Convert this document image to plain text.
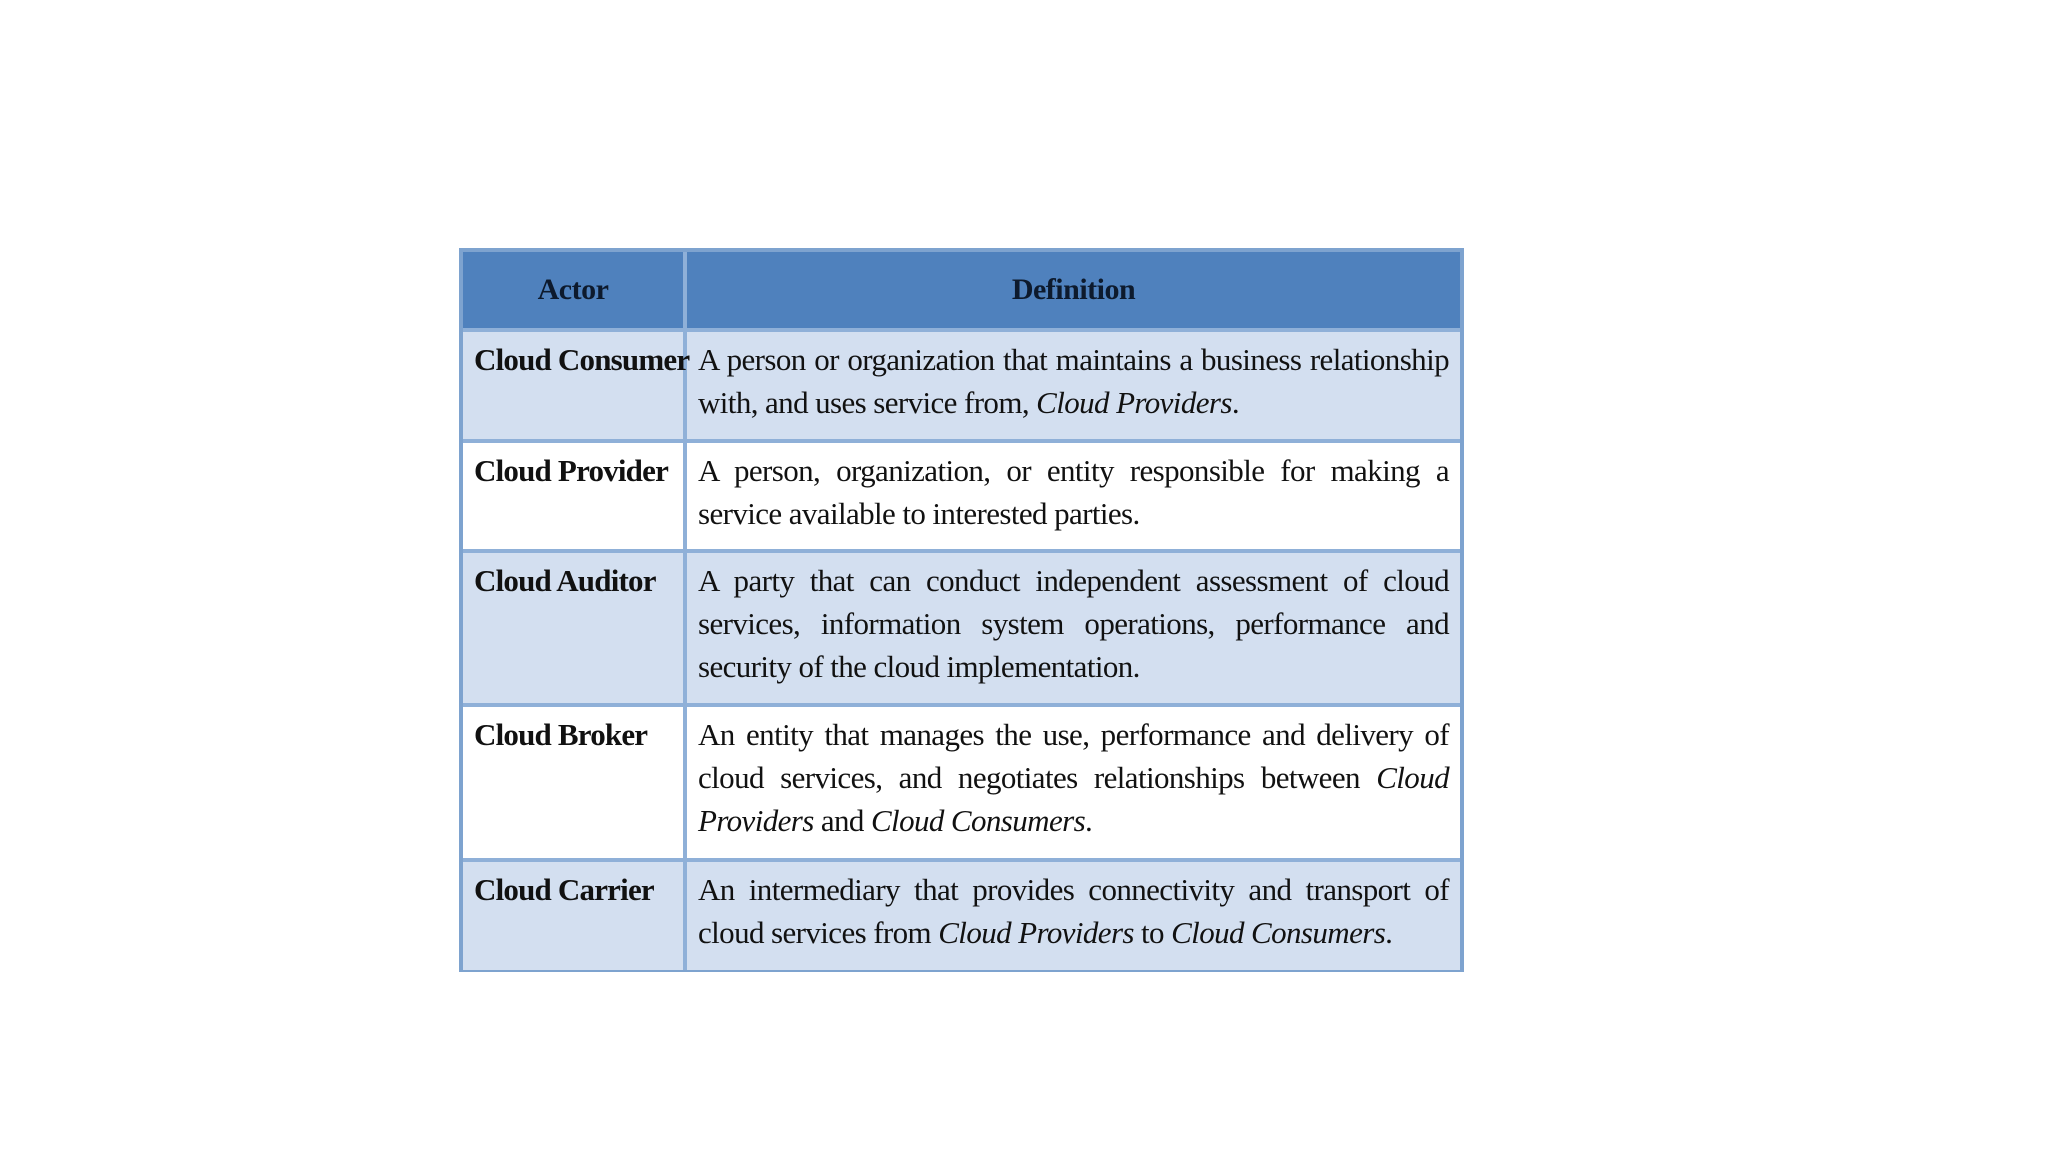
Actor	Definition
Cloud Consumer	A person or organization that maintains a business relationship with, and uses service from, Cloud Providers.
Cloud Provider	A person, organization, or entity responsible for making a service available to interested parties.
Cloud Auditor	A party that can conduct independent assessment of cloud services, information system operations, performance and security of the cloud implementation.
Cloud Broker	An entity that manages the use, performance and delivery of cloud services, and negotiates relationships between Cloud Providers and Cloud Consumers.
Cloud Carrier	An intermediary that provides connectivity and transport of cloud services from Cloud Providers to Cloud Consumers.
